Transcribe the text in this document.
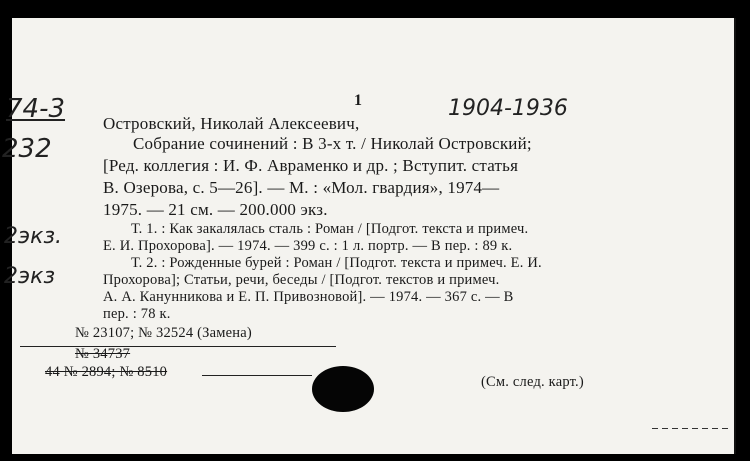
1
74-3
232
2экз.
2экз
1904-1936
Островский, Николай Алексеевич,
Собрание сочинений : В 3-х т. / Николай Островский;
[Ред. коллегия : И. Ф. Авраменко и др. ; Вступит. статья
В. Озерова, с. 5—26]. — М. : «Мол. гвардия», 1974—
1975. — 21 см. — 200.000 экз.
Т. 1. : Как закалялась сталь : Роман / [Подгот. текста и примеч.
Е. И. Прохорова]. — 1974. — 399 с. : 1 л. портр. — В пер. : 89 к.
Т. 2. : Рожденные бурей : Роман / [Подгот. текста и примеч. Е. И.
Прохорова]; Статьи, речи, беседы / [Подгот. текстов и примеч.
А. А. Канунникова и Е. П. Привозновой]. — 1974. — 367 с. — В
пер. : 78 к.
№ 23107; № 32524 (Замена)
№ 34737
44 № 2894; № 8510
(См. след. карт.)
